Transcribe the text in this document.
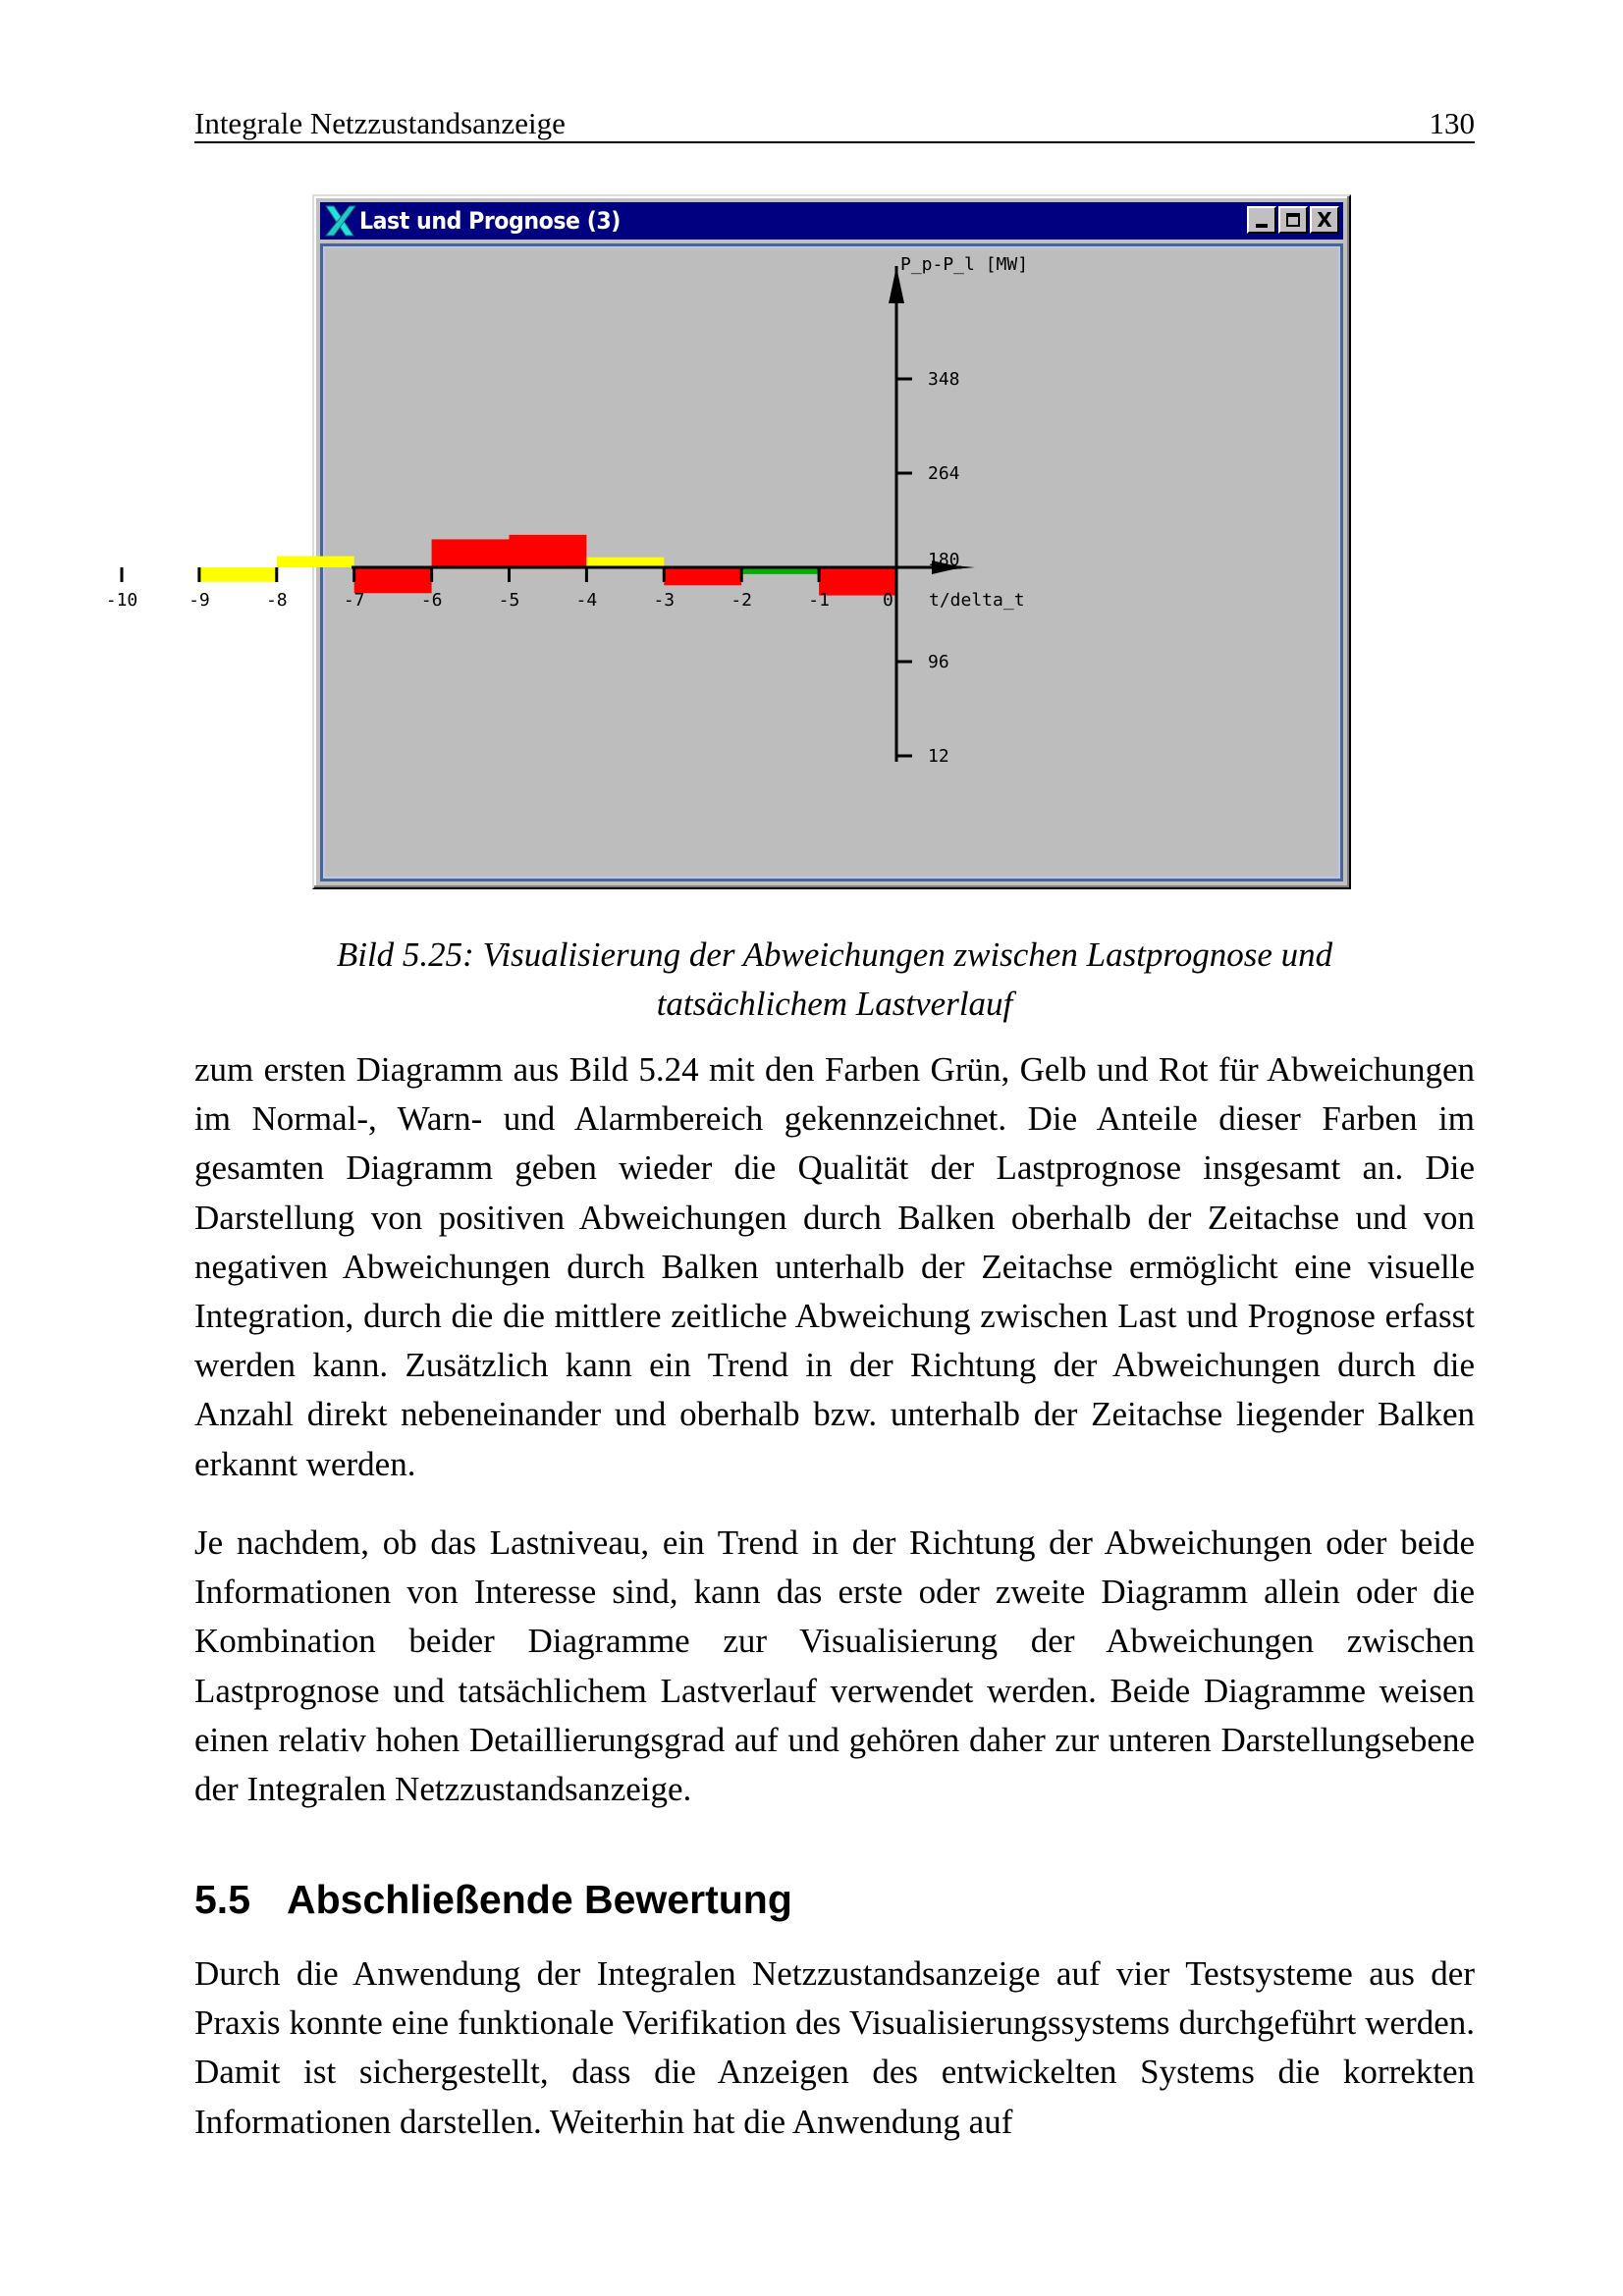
Integrale Netzzustandsanzeige	130
Last und Prognose (3)	X
-10	-9	-8	-7	-6	-5	-4	-3	-2	-1	0
348
264
180
96
12
P_p-P_l [MW]
t/delta_t
Bild 5.25: Visualisierung der Abweichungen zwischen Lastprognose und
tatsächlichem Lastverlauf

zum ersten Diagramm aus Bild 5.24 mit den Farben Grün, Gelb und Rot für Abweichungen im Normal-, Warn- und Alarmbereich gekennzeichnet. Die Anteile dieser Farben im gesamten Diagramm geben wieder die Qualität der Lastprognose insgesamt an. Die Darstellung von positiven Abweichungen durch Balken oberhalb der Zeitachse und von negativen Abweichungen durch Balken unterhalb der Zeitachse ermöglicht eine visuelle Integration, durch die die mittlere zeitliche Abweichung zwischen Last und Prognose erfasst werden kann. Zusätzlich kann ein Trend in der Richtung der Abweichungen durch die Anzahl direkt nebeneinander und oberhalb bzw. unterhalb der Zeitachse liegender Balken erkannt werden.

Je nachdem, ob das Lastniveau, ein Trend in der Richtung der Abweichungen oder beide Informationen von Interesse sind, kann das erste oder zweite Diagramm allein oder die Kombination beider Diagramme zur Visualisierung der Abweichungen zwischen Lastprognose und tatsächlichem Lastverlauf verwendet werden. Beide Diagramme weisen einen relativ hohen Detaillierungsgrad auf und gehören daher zur unteren Darstellungsebene der Integralen Netzzustandsanzeige.

5.5 Abschließende Bewertung

Durch die Anwendung der Integralen Netzzustandsanzeige auf vier Testsysteme aus der Praxis konnte eine funktionale Verifikation des Visualisierungssystems durchgeführt werden. Damit ist sichergestellt, dass die Anzeigen des entwickelten Systems die korrekten Informationen darstellen. Weiterhin hat die Anwendung auf
